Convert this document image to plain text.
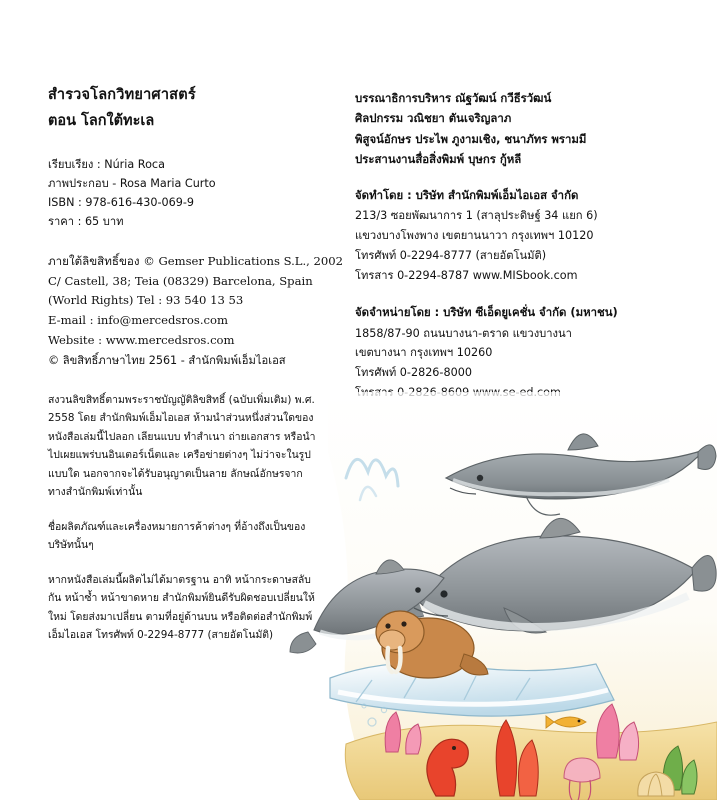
สำรวจโลกวิทยาศาสตร์
ตอน โลกใต้ทะเล

เรียบเรียง : Núria Roca

ภาพประกอบ - Rosa Maria Curto

ISBN : 978-616-430-069-9

ราคา : 65 บาท

ภายใต้ลิขสิทธิ์ของ © Gemser Publications S.L., 2002
C/ Castell, 38; Teia (08329) Barcelona, Spain
(World Rights) Tel : 93 540 13 53
E-mail : info@mercedsros.com
Website : www.mercedsros.com
© ลิขสิทธิ์ภาษาไทย 2561 - สำนักพิมพ์เอ็มไอเอส

สงวนลิขสิทธิ์ตามพระราชบัญญัติลิขสิทธิ์ (ฉบับเพิ่มเติม) พ.ศ. 2558 โดย สำนักพิมพ์เอ็มไอเอส ห้ามนำส่วนหนึ่งส่วนใดของหนังสือเล่มนี้ไปลอก เลียนแบบ ทำสำเนา ถ่ายเอกสาร หรือนำไปเผยแพร่บนอินเตอร์เน็ตและ เครือข่ายต่างๆ ไม่ว่าจะในรูปแบบใด นอกจากจะได้รับอนุญาตเป็นลาย ลักษณ์อักษรจากทางสำนักพิมพ์เท่านั้น

ชื่อผลิตภัณฑ์และเครื่องหมายการค้าต่างๆ ที่อ้างถึงเป็นของบริษัทนั้นๆ

หากหนังสือเล่มนี้ผลิตไม่ได้มาตรฐาน อาทิ หน้ากระดาษสลับกัน หน้าซ้ำ หน้าขาดหาย สำนักพิมพ์ยินดีรับผิดชอบเปลี่ยนให้ใหม่ โดยส่งมาเปลี่ยน ตามที่อยู่ด้านบน หรือติดต่อสำนักพิมพ์เอ็มไอเอส โทรศัพท์ 0-2294-8777 (สายอัตโนมัติ)

บรรณาธิการบริหาร ณัฐวัฒน์ กวีธีรวัฒน์

ศิลปกรรม วณิชยา ตันเจริญลาภ

พิสูจน์อักษร ประไพ ภูงามเชิง, ชนาภัทร พรามมี

ประสานงานสื่อสิ่งพิมพ์ บุษกร กู้หลี

จัดทำโดย : บริษัท สำนักพิมพ์เอ็มไอเอส จำกัด

213/3 ซอยพัฒนาการ 1 (สาลุประดิษฐ์ 34 แยก 6)

แขวงบางโพงพาง เขตยานนาวา กรุงเทพฯ 10120

โทรศัพท์ 0-2294-8777 (สายอัตโนมัติ)

โทรสาร 0-2294-8787 www.MISbook.com

จัดจำหน่ายโดย : บริษัท ซีเอ็ดยูเคชั่น จำกัด (มหาชน)

1858/87-90 ถนนบางนา-ตราด แขวงบางนา

เขตบางนา กรุงเทพฯ 10260

โทรศัพท์ 0-2826-8000
